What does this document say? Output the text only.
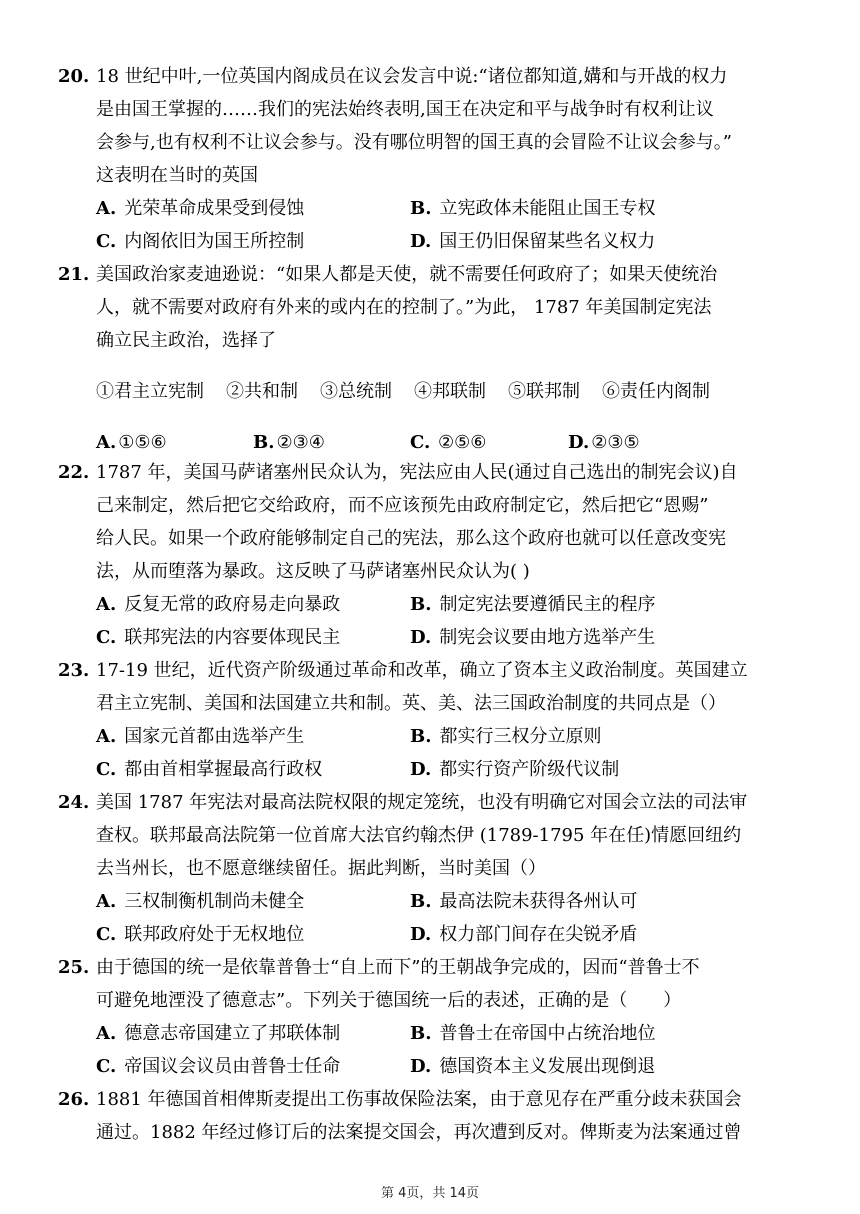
20. 18 世纪中叶,一位英国内阁成员在议会发言中说:“诸位都知道,媾和与开战的权力
是由国王掌握的……我们的宪法始终表明,国王在决定和平与战争时有权利让议
会参与,也有权利不让议会参与。没有哪位明智的国王真的会冒险不让议会参与。”
这表明在当时的英国
A. 光荣革命成果受到侵蚀	B. 立宪政体未能阻止国王专权
C. 内阁依旧为国王所控制	D. 国王仍旧保留某些名义权力
21. 美国政治家麦迪逊说：“如果人都是天使，就不需要任何政府了；如果天使统治
人，就不需要对政府有外来的或内在的控制了。”为此， 1787 年美国制定宪法
确立民主政治，选择了
①君主立宪制 ②共和制 ③总统制 ④邦联制 ⑤联邦制 ⑥责任内阁制
A. ①⑤⑥	B. ②③④	C. ②⑤⑥	D. ②③⑤
22. 1787 年，美国马萨诸塞州民众认为，宪法应由人民(通过自己选出的制宪会议)自
己来制定，然后把它交给政府，而不应该预先由政府制定它，然后把它“恩赐”
给人民。如果一个政府能够制定自己的宪法，那么这个政府也就可以任意改变宪
法，从而堕落为暴政。这反映了马萨诸塞州民众认为( )
A. 反复无常的政府易走向暴政	B. 制定宪法要遵循民主的程序
C. 联邦宪法的内容要体现民主	D. 制宪会议要由地方选举产生
23. 17-19 世纪，近代资产阶级通过革命和改革，确立了资本主义政治制度。英国建立
君主立宪制、美国和法国建立共和制。英、美、法三国政治制度的共同点是（）
A. 国家元首都由选举产生	B. 都实行三权分立原则
C. 都由首相掌握最高行政权	D. 都实行资产阶级代议制
24. 美国 1787 年宪法对最高法院权限的规定笼统，也没有明确它对国会立法的司法审
查权。联邦最高法院第一位首席大法官约翰杰伊 (1789-1795 年在任)情愿回纽约
去当州长，也不愿意继续留任。据此判断，当时美国（）
A. 三权制衡机制尚未健全	B. 最高法院未获得各州认可
C. 联邦政府处于无权地位	D. 权力部门间存在尖锐矛盾
25. 由于德国的统一是依靠普鲁士“自上而下”的王朝战争完成的，因而“普鲁士不
可避免地湮没了德意志”。下列关于德国统一后的表述，正确的是（　　）
A. 德意志帝国建立了邦联体制	B. 普鲁士在帝国中占统治地位
C. 帝国议会议员由普鲁士任命	D. 德国资本主义发展出现倒退
26. 1881 年德国首相俾斯麦提出工伤事故保险法案，由于意见存在严重分歧未获国会
通过。1882 年经过修订后的法案提交国会，再次遭到反对。俾斯麦为法案通过曾
第 4页，共 14页
